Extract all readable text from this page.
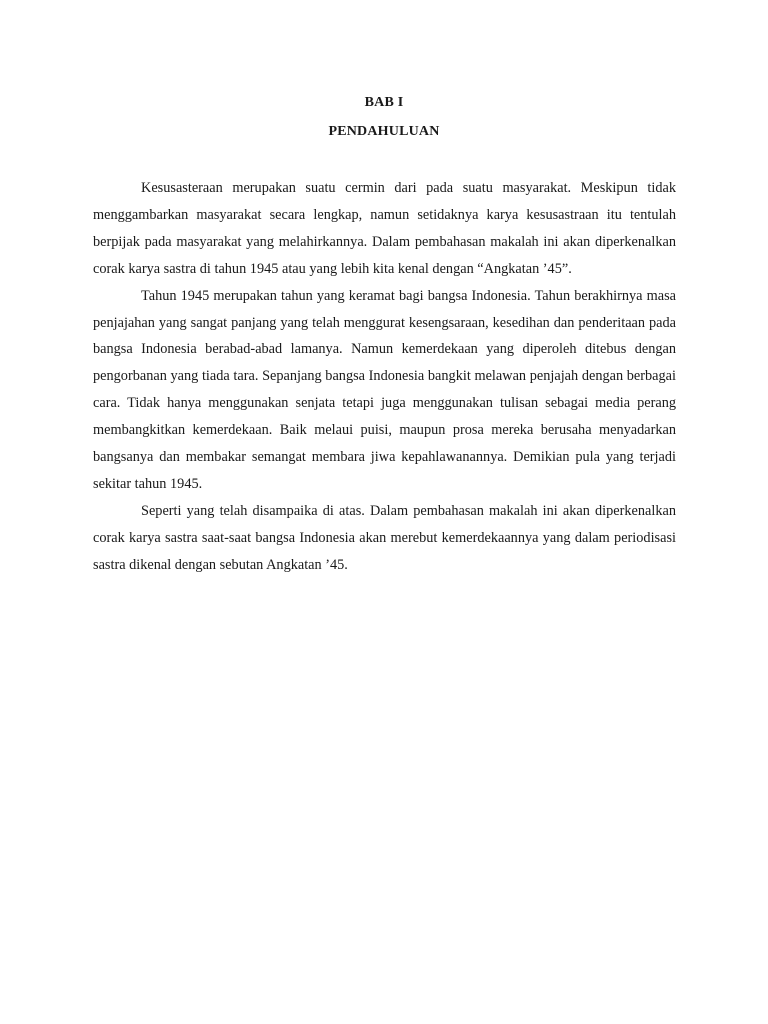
BAB I
PENDAHULUAN

Kesusasteraan merupakan suatu cermin dari pada suatu masyarakat. Meskipun tidak menggambarkan masyarakat secara lengkap, namun setidaknya karya kesusastraan itu tentulah berpijak pada masyarakat yang melahirkannya. Dalam pembahasan makalah ini akan diperkenalkan corak karya sastra di tahun 1945 atau yang lebih kita kenal dengan “Angkatan ’45”.

Tahun 1945 merupakan tahun yang keramat bagi bangsa Indonesia. Tahun berakhirnya masa penjajahan yang sangat panjang yang telah menggurat kesengsaraan, kesedihan dan penderitaan pada bangsa Indonesia berabad-abad lamanya. Namun kemerdekaan yang diperoleh ditebus dengan pengorbanan yang tiada tara. Sepanjang bangsa Indonesia bangkit melawan penjajah dengan berbagai cara. Tidak hanya menggunakan senjata tetapi juga menggunakan tulisan sebagai media perang membangkitkan kemerdekaan. Baik melaui puisi, maupun prosa mereka berusaha menyadarkan bangsanya dan membakar semangat membara jiwa kepahlawanannya. Demikian pula yang terjadi sekitar tahun 1945.

Seperti yang telah disampaika di atas. Dalam pembahasan makalah ini akan diperkenalkan corak karya sastra saat-saat bangsa Indonesia akan merebut kemerdekaannya yang dalam periodisasi sastra dikenal dengan sebutan Angkatan ’45.
